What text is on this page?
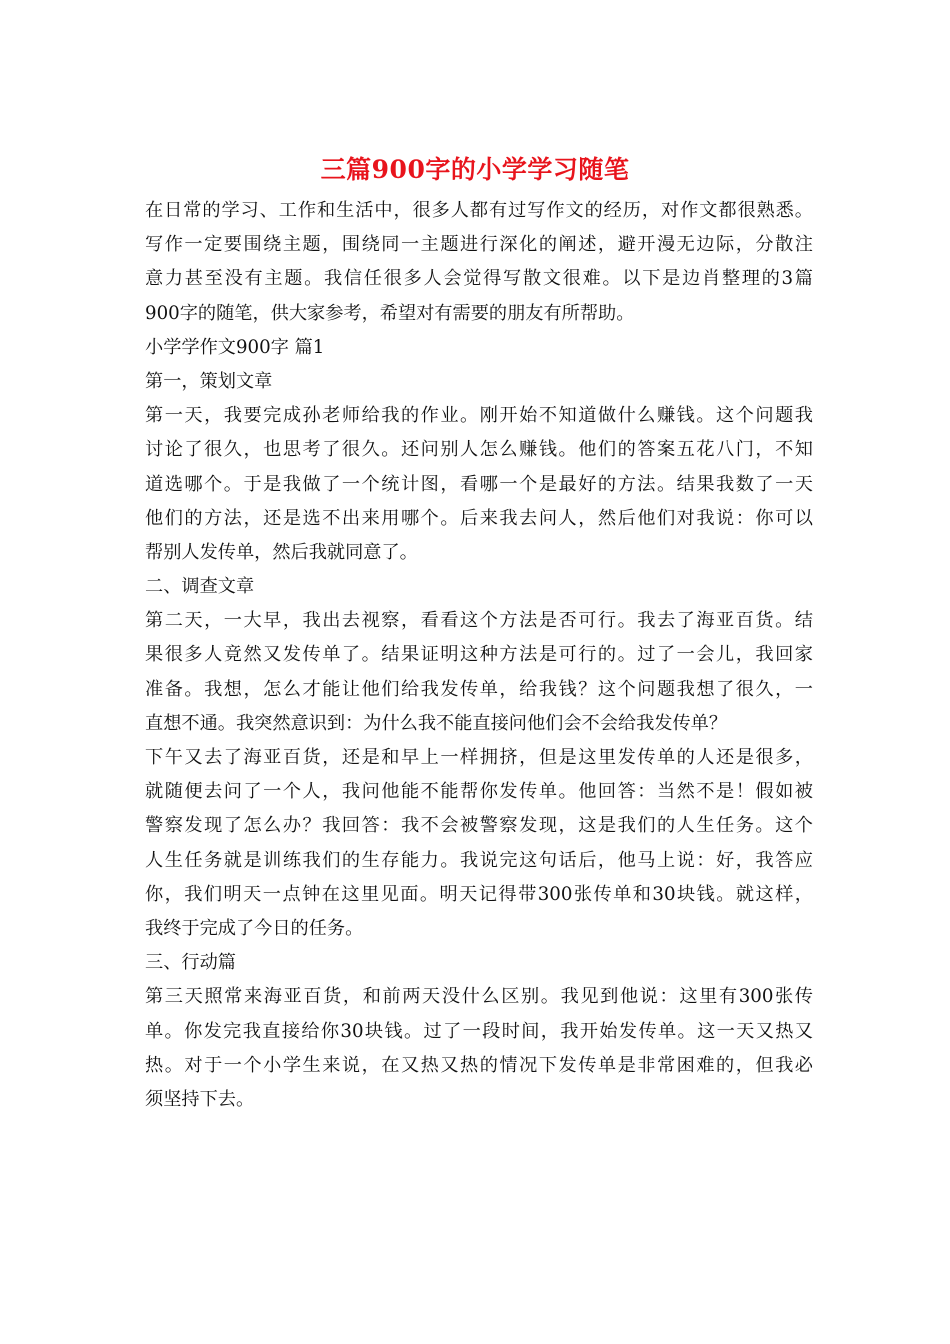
三篇900字的小学学习随笔
在日常的学习、工作和生活中，很多人都有过写作文的经历，对作文都很熟悉。
写作一定要围绕主题，围绕同一主题进行深化的阐述，避开漫无边际，分散注
意力甚至没有主题。我信任很多人会觉得写散文很难。以下是边肖整理的3篇
900字的随笔，供大家参考，希望对有需要的朋友有所帮助。
小学学作文900字 篇1
第一，策划文章
第一天，我要完成孙老师给我的作业。刚开始不知道做什么赚钱。这个问题我
讨论了很久，也思考了很久。还问别人怎么赚钱。他们的答案五花八门，不知
道选哪个。于是我做了一个统计图，看哪一个是最好的方法。结果我数了一天
他们的方法，还是选不出来用哪个。后来我去问人，然后他们对我说：你可以
帮别人发传单，然后我就同意了。
二、调查文章
第二天，一大早，我出去视察，看看这个方法是否可行。我去了海亚百货。结
果很多人竟然又发传单了。结果证明这种方法是可行的。过了一会儿，我回家
准备。我想，怎么才能让他们给我发传单，给我钱？这个问题我想了很久，一
直想不通。我突然意识到：为什么我不能直接问他们会不会给我发传单？
下午又去了海亚百货，还是和早上一样拥挤，但是这里发传单的人还是很多，
就随便去问了一个人，我问他能不能帮你发传单。他回答：当然不是！假如被
警察发现了怎么办？我回答：我不会被警察发现，这是我们的人生任务。这个
人生任务就是训练我们的生存能力。我说完这句话后，他马上说：好，我答应
你，我们明天一点钟在这里见面。明天记得带300张传单和30块钱。就这样，
我终于完成了今日的任务。
三、行动篇
第三天照常来海亚百货，和前两天没什么区别。我见到他说：这里有300张传
单。你发完我直接给你30块钱。过了一段时间，我开始发传单。这一天又热又
热。对于一个小学生来说，在又热又热的情况下发传单是非常困难的，但我必
须坚持下去。
